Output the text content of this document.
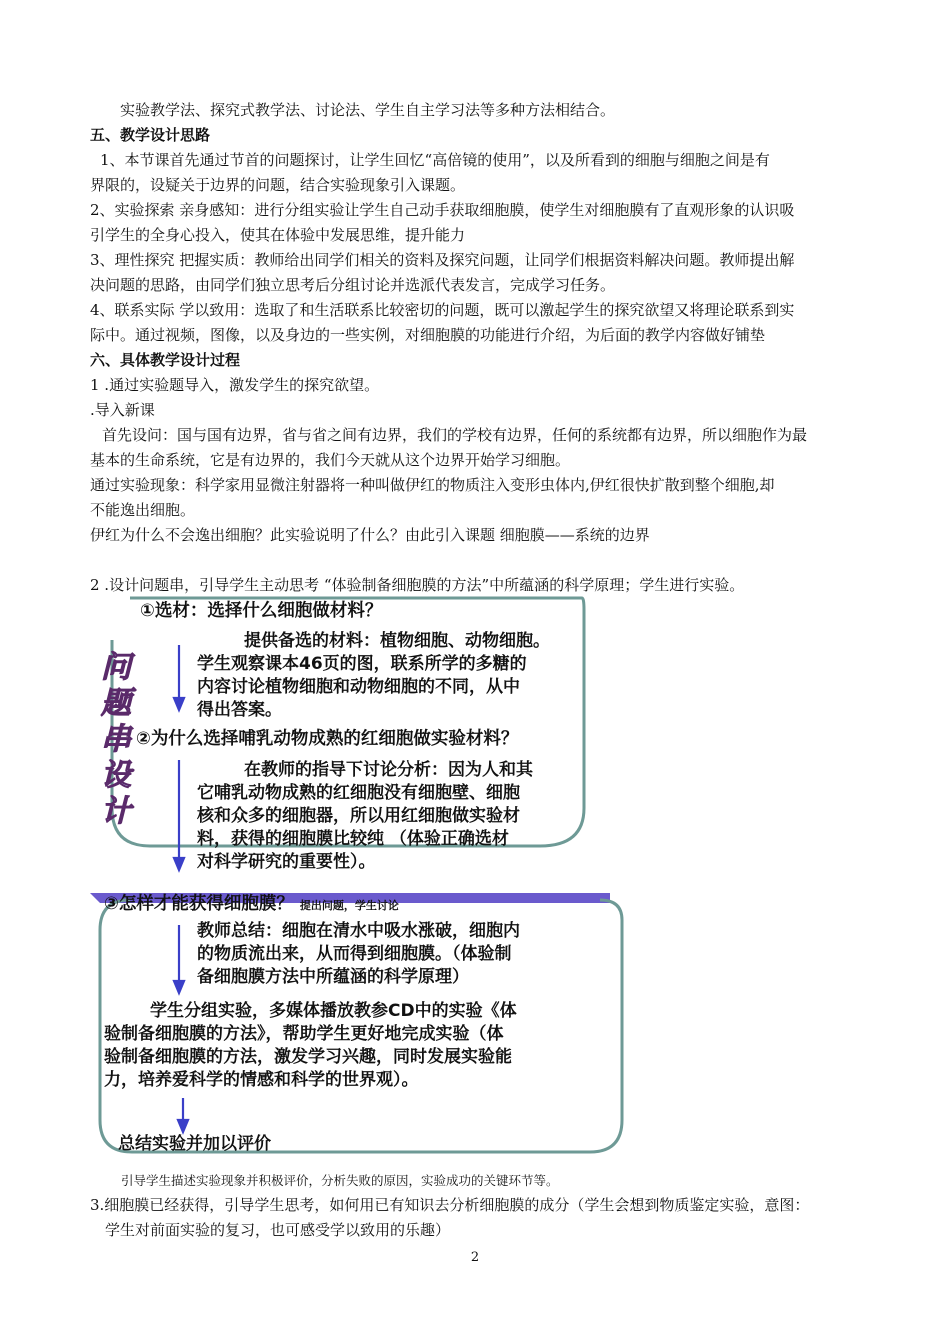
实验教学法、探究式教学法、讨论法、学生自主学习法等多种方法相结合。
五、教学设计思路
1、本节课首先通过节首的问题探讨，让学生回忆“高倍镜的使用”，以及所看到的细胞与细胞之间是有
界限的，设疑关于边界的问题，结合实验现象引入课题。
2、实验探索 亲身感知：进行分组实验让学生自己动手获取细胞膜，使学生对细胞膜有了直观形象的认识吸
引学生的全身心投入，使其在体验中发展思维，提升能力
3、理性探究 把握实质：教师给出同学们相关的资料及探究问题，让同学们根据资料解决问题。教师提出解
决问题的思路，由同学们独立思考后分组讨论并选派代表发言，完成学习任务。
4、联系实际 学以致用：选取了和生活联系比较密切的问题，既可以激起学生的探究欲望又将理论联系到实
际中。通过视频，图像，以及身边的一些实例，对细胞膜的功能进行介绍，为后面的教学内容做好铺垫
六、具体教学设计过程
1 .通过实验题导入，激发学生的探究欲望。
.导入新课
首先设问：国与国有边界，省与省之间有边界，我们的学校有边界，任何的系统都有边界，所以细胞作为最
基本的生命系统，它是有边界的，我们今天就从这个边界开始学习细胞。
通过实验现象：科学家用显微注射器将一种叫做伊红的物质注入变形虫体内,伊红很快扩散到整个细胞,却
不能逸出细胞。
伊红为什么不会逸出细胞？此实验说明了什么？由此引入课题 细胞膜——系统的边界
2 .设计问题串，引导学生主动思考 “体验制备细胞膜的方法”中所蕴涵的科学原理；学生进行实验。
问
题
串
设
计
①选材：选择什么细胞做材料？
提供备选的材料：植物细胞、动物细胞。
学生观察课本46页的图，联系所学的多糖的
内容讨论植物细胞和动物细胞的不同，从中
得出答案。
②为什么选择哺乳动物成熟的红细胞做实验材料？
在教师的指导下讨论分析：因为人和其
它哺乳动物成熟的红细胞没有细胞壁、细胞
核和众多的细胞器，所以用红细胞做实验材
料，获得的细胞膜比较纯 （体验正确选材
对科学研究的重要性）。
③怎样才能获得细胞膜？ 提出问题，学生讨论
教师总结：细胞在清水中吸水涨破，细胞内
的物质流出来，从而得到细胞膜。（体验制
备细胞膜方法中所蕴涵的科学原理）
学生分组实验，多媒体播放教参CD中的实验《体
验制备细胞膜的方法》，帮助学生更好地完成实验（体
验制备细胞膜的方法，激发学习兴趣，同时发展实验能
力，培养爱科学的情感和科学的世界观）。
总结实验并加以评价
引导学生描述实验现象并积极评价，分析失败的原因，实验成功的关键环节等。
3.细胞膜已经获得，引导学生思考，如何用已有知识去分析细胞膜的成分（学生会想到物质鉴定实验，意图：
学生对前面实验的复习，也可感受学以致用的乐趣）
2
